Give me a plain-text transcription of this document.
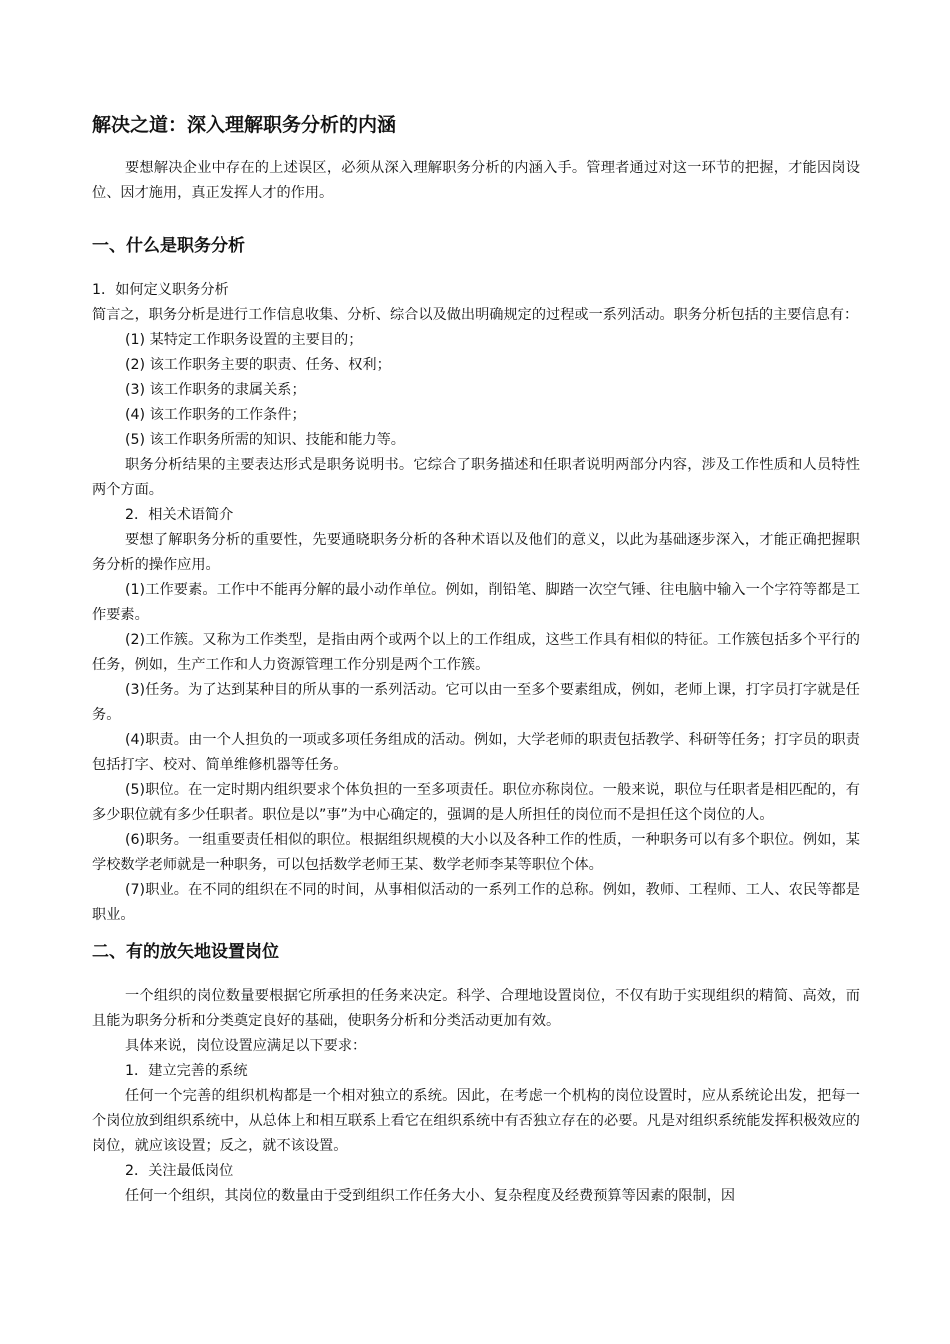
解决之道：深入理解职务分析的内涵

要想解决企业中存在的上述误区，必须从深入理解职务分析的内涵入手。管理者通过对这一环节的把握，才能因岗设位、因才施用，真正发挥人才的作用。

一、什么是职务分析

1．如何定义职务分析

简言之，职务分析是进行工作信息收集、分析、综合以及做出明确规定的过程或一系列活动。职务分析包括的主要信息有：

(1) 某特定工作职务设置的主要目的；

(2) 该工作职务主要的职责、任务、权利；

(3) 该工作职务的隶属关系；

(4) 该工作职务的工作条件；

(5) 该工作职务所需的知识、技能和能力等。

职务分析结果的主要表达形式是职务说明书。它综合了职务描述和任职者说明两部分内容，涉及工作性质和人员特性两个方面。

2．相关术语简介

要想了解职务分析的重要性，先要通晓职务分析的各种术语以及他们的意义，以此为基础逐步深入，才能正确把握职务分析的操作应用。

(1)工作要素。工作中不能再分解的最小动作单位。例如，削铅笔、脚踏一次空气锤、往电脑中输入一个字符等都是工作要素。

(2)工作簇。又称为工作类型，是指由两个或两个以上的工作组成，这些工作具有相似的特征。工作簇包括多个平行的任务，例如，生产工作和人力资源管理工作分别是两个工作簇。

(3)任务。为了达到某种目的所从事的一系列活动。它可以由一至多个要素组成，例如，老师上课，打字员打字就是任务。

(4)职责。由一个人担负的一项或多项任务组成的活动。例如，大学老师的职责包括教学、科研等任务；打字员的职责包括打字、校对、简单维修机器等任务。

(5)职位。在一定时期内组织要求个体负担的一至多项责任。职位亦称岗位。一般来说，职位与任职者是相匹配的，有多少职位就有多少任职者。职位是以”事”为中心确定的，强调的是人所担任的岗位而不是担任这个岗位的人。

(6)职务。一组重要责任相似的职位。根据组织规模的大小以及各种工作的性质，一种职务可以有多个职位。例如，某学校数学老师就是一种职务，可以包括数学老师王某、数学老师李某等职位个体。

(7)职业。在不同的组织在不同的时间，从事相似活动的一系列工作的总称。例如，教师、工程师、工人、农民等都是职业。

二、有的放矢地设置岗位

一个组织的岗位数量要根据它所承担的任务来决定。科学、合理地设置岗位，不仅有助于实现组织的精简、高效，而且能为职务分析和分类奠定良好的基础，使职务分析和分类活动更加有效。

具体来说，岗位设置应满足以下要求：

1．建立完善的系统

任何一个完善的组织机构都是一个相对独立的系统。因此，在考虑一个机构的岗位设置时，应从系统论出发，把每一个岗位放到组织系统中，从总体上和相互联系上看它在组织系统中有否独立存在的必要。凡是对组织系统能发挥积极效应的岗位，就应该设置；反之，就不该设置。

2．关注最低岗位

任何一个组织，其岗位的数量由于受到组织工作任务大小、复杂程度及经费预算等因素的限制，因
